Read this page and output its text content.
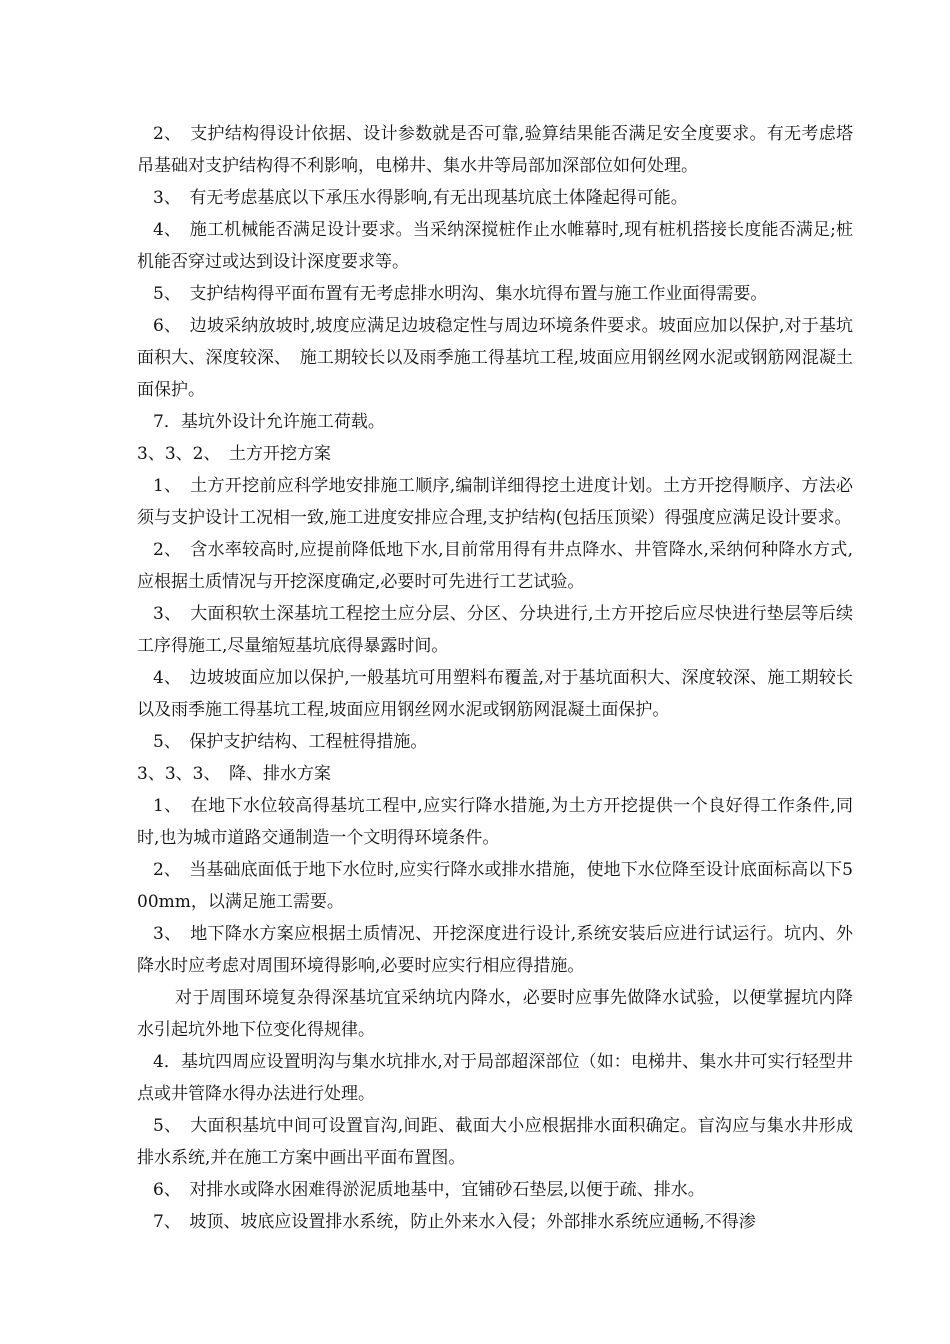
2、　支护结构得设计依据、设计参数就是否可靠,验算结果能否满足安全度要求。有无考虑塔吊基础对支护结构得不利影响，电梯井、集水井等局部加深部位如何处理。

3、　有无考虑基底以下承压水得影响,有无出现基坑底土体隆起得可能。

4、　施工机械能否满足设计要求。当采纳深搅桩作止水帷幕时,现有桩机搭接长度能否满足;桩机能否穿过或达到设计深度要求等。

5、　支护结构得平面布置有无考虑排水明沟、集水坑得布置与施工作业面得需要。

6、　边坡采纳放坡时,坡度应满足边坡稳定性与周边环境条件要求。坡面应加以保护,对于基坑面积大、深度较深、　施工期较长以及雨季施工得基坑工程,坡面应用钢丝网水泥或钢筋网混凝土面保护。

7．基坑外设计允许施工荷载。

3、3、2、　土方开挖方案

1、　土方开挖前应科学地安排施工顺序,编制详细得挖土进度计划。土方开挖得顺序、方法必须与支护设计工况相一致,施工进度安排应合理,支护结构(包括压顶梁）得强度应满足设计要求。

2、　含水率较高时,应提前降低地下水,目前常用得有井点降水、井管降水,采纳何种降水方式,应根据土质情况与开挖深度确定,必要时可先进行工艺试验。

3、　大面积软土深基坑工程挖土应分层、分区、分块进行,土方开挖后应尽快进行垫层等后续工序得施工,尽量缩短基坑底得暴露时间。

4、　边坡坡面应加以保护,一般基坑可用塑料布覆盖,对于基坑面积大、深度较深、施工期较长以及雨季施工得基坑工程,坡面应用钢丝网水泥或钢筋网混凝土面保护。

5、　保护支护结构、工程桩得措施。

3、3、3、　降、排水方案

1、　在地下水位较高得基坑工程中,应实行降水措施,为土方开挖提供一个良好得工作条件,同时,也为城市道路交通制造一个文明得环境条件。

2、　当基础底面低于地下水位时,应实行降水或排水措施，使地下水位降至设计底面标高以下500mm，以满足施工需要。

3、　地下降水方案应根据土质情况、开挖深度进行设计,系统安装后应进行试运行。坑内、外降水时应考虑对周围环境得影响,必要时应实行相应得措施。

对于周围环境复杂得深基坑宜采纳坑内降水，必要时应事先做降水试验，以便掌握坑内降水引起坑外地下位变化得规律。

4．基坑四周应设置明沟与集水坑排水,对于局部超深部位（如：电梯井、集水井可实行轻型井点或井管降水得办法进行处理。

5、　大面积基坑中间可设置盲沟,间距、截面大小应根据排水面积确定。盲沟应与集水井形成排水系统,并在施工方案中画出平面布置图。

6、　对排水或降水困难得淤泥质地基中，宜铺砂石垫层,以便于疏、排水。

7、　坡顶、坡底应设置排水系统，防止外来水入侵；外部排水系统应通畅,不得渗
